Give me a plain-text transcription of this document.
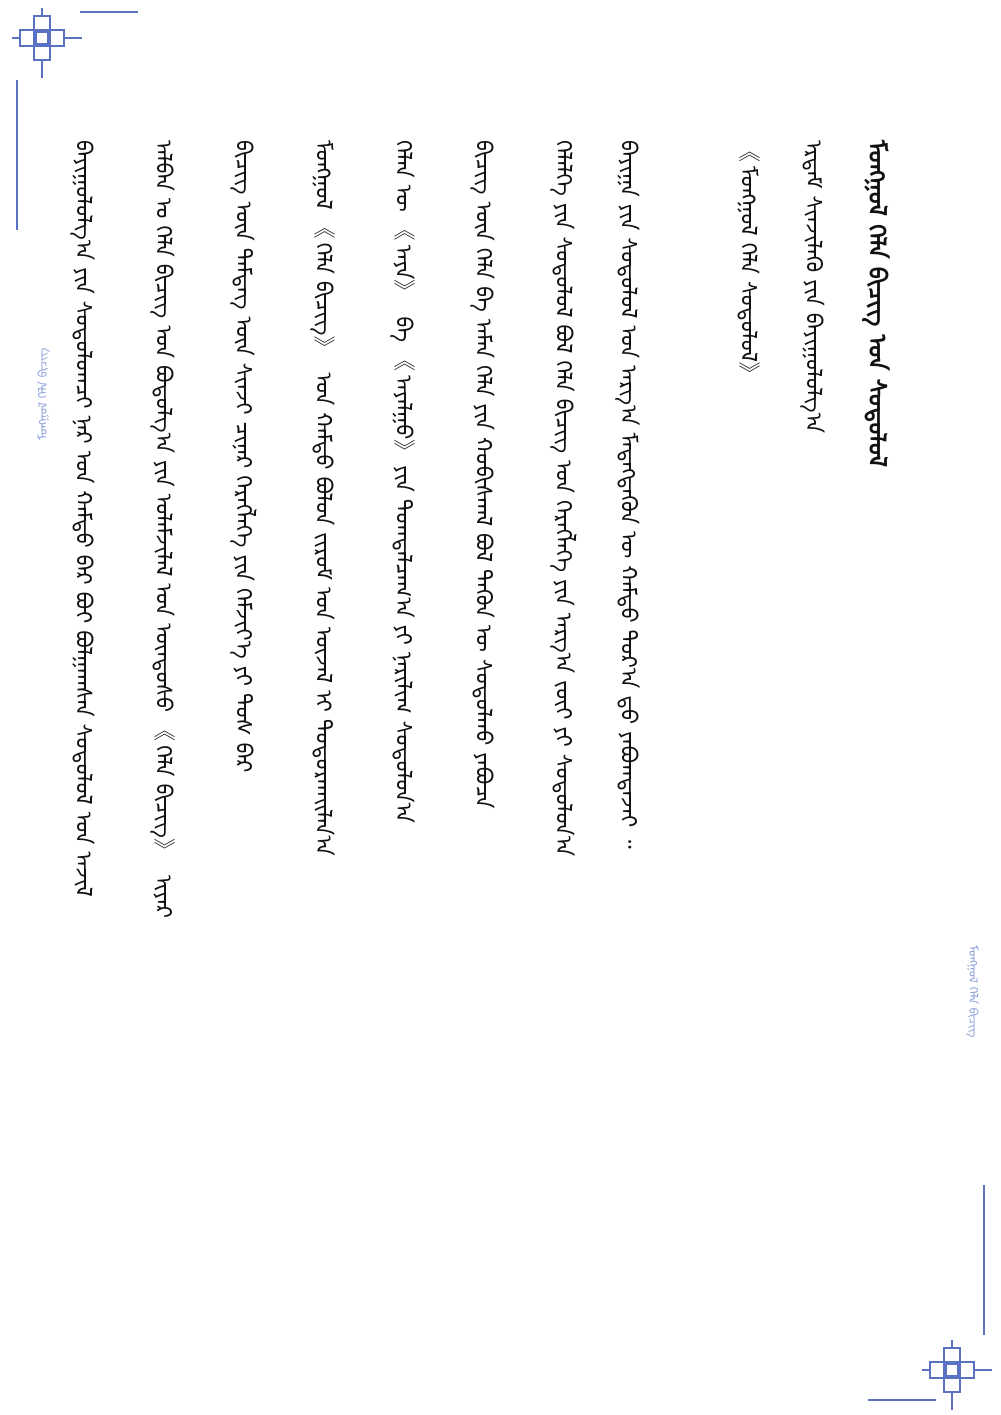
ᠮᠣᠩᠭᠣᠯ ᠬᠡᠯᠡ ᠪᠢᠴᠢᠭ᠌
ᠮᠣᠩᠭᠣᠯ ᠬᠡᠯᠡ ᠪᠢᠴᠢᠭ᠌
ᠮᠣᠩᠭᠣᠯ ᠬᠡᠯᠡ ᠪᠢᠴᠢᠭ᠌ ᠤᠨ ᠰᠤᠳᠤᠯᠤᠯ
ᠡᠷᠳᠡᠮ ᠰᠢᠨᠵᠢᠯᠡᠬᠦ ᠶᠢᠨ ᠪᠠᠶᠢᠭᠤᠯᠤᠯᠭ᠎ᠠ
《ᠮᠣᠩᠭᠣᠯ ᠬᠡᠯᠡ ᠰᠤᠳᠤᠯᠤᠯ》
ᠪᠠᠶᠢᠭᠠ ᠶᠢᠨ ᠰᠤᠳᠤᠯᠤᠯ ᠤᠨ ᠠᠷᠭ᠎ᠠ ᠮᠡᠳᠡᠭᠳᠡᠬᠦᠨ ᠦ ᠬᠠᠮᠲᠤ ᠳᠤᠷ᠎ᠠ ᠳ᠋ᠤ ᠶᠠᠪᠤᠭᠳᠠᠵᠠᠢ ᠃
ᠬᠡᠯᠡᠯᠭᠡ ᠶᠢᠨ ᠰᠤᠳᠤᠯᠤᠯ ᠪᠣᠯ ᠬᠡᠯᠡ ᠪᠢᠴᠢᠭ᠌ ᠤᠨ ᠬᠡᠷᠡᠭᠯᠡᠭᠡ ᠶᠢᠨ ᠠᠷᠭ᠎ᠠ ᠵᠦᠢ ᠶᠢ ᠰᠤᠳᠤᠯᠤᠨ᠎ᠠ
ᠪᠢᠴᠢᠭ᠌ ᠦᠨ ᠬᠡᠯᠡ ᠪᠠ ᠠᠮᠠᠨ ᠬᠡᠯᠡ ᠶᠢᠨ ᠬᠤᠪᠢᠰᠬᠠᠯ ᠪᠣᠯ ᠲᠡᠭᠦᠨ ᠦ ᠰᠤᠳᠤᠯᠬᠤ ᠶᠠᠪᠤᠴᠠ
ᠬᠡᠯᠡᠨ ᠦ 《ᠠᠶᠠ》 ᠪᠠ 《ᠠᠶᠠᠯᠭᠤ》ᠶᠢᠨ ᠲᠣᠭᠲᠠᠯᠴᠠᠭ᠎ᠠ ᠶᠢ ᠨᠠᠷᠢᠯᠢᠭ ᠰᠤᠳᠤᠯᠤᠨ᠎ᠠ
ᠮᠣᠩᠭᠣᠯ 《ᠬᠡᠯᠡ ᠪᠢᠴᠢᠭ᠌》 ᠤᠨ ᠬᠠᠮᠲᠤ ᠪᠣᠯᠤᠨ ᠵᠢᠷᠤᠮ ᠤᠨ ᠦᠵᠡᠯ ᠢ ᠲᠣᠳᠣᠷᠬᠠᠢᠯᠠᠨ᠎ᠠ
ᠪᠢᠴᠢᠭ᠌ ᠦᠨ ᠲᠡᠮᠳᠡᠭ ᠦᠨ ᠰᠢᠨᠵᠢ ᠴᠢᠨᠠᠷ ᠬᠡᠷᠡᠭᠯᠡᠭᠡ ᠶᠢᠨ ᠬᠡᠮᠵᠢᠶ᠎ᠡ ᠶᠢ ᠲᠤᠰ ᠪᠠᠷ
ᠠᠯᠪᠠᠨ ᠤ ᠬᠡᠯᠡ ᠪᠢᠴᠢᠭ᠌ ᠤᠨ ᠪᠣᠳᠣᠯᠭ᠎ᠠ ᠶᠢᠨ ᠤᠯᠠᠮᠵᠢᠯᠠᠯ ᠤᠨ ᠦᠨᠳᠦᠰᠦ 《ᠬᠡᠯᠡ ᠪᠢᠴᠢᠭ᠌》 ᠢᠶᠡᠷ
ᠪᠠᠶᠢᠭᠤᠯᠤᠯᠭ᠎ᠠ ᠶᠢᠨ ᠰᠤᠳᠤᠯᠤᠭᠴᠢ ᠨᠠᠷ ᠤᠨ ᠬᠠᠮᠲᠤ ᠪᠠᠷ ᠪᠤᠢ ᠪᠣᠯᠭᠠᠭᠰᠠᠨ ᠰᠤᠳᠤᠯᠤᠯ ᠤᠨ ᠠᠵᠢᠯ
